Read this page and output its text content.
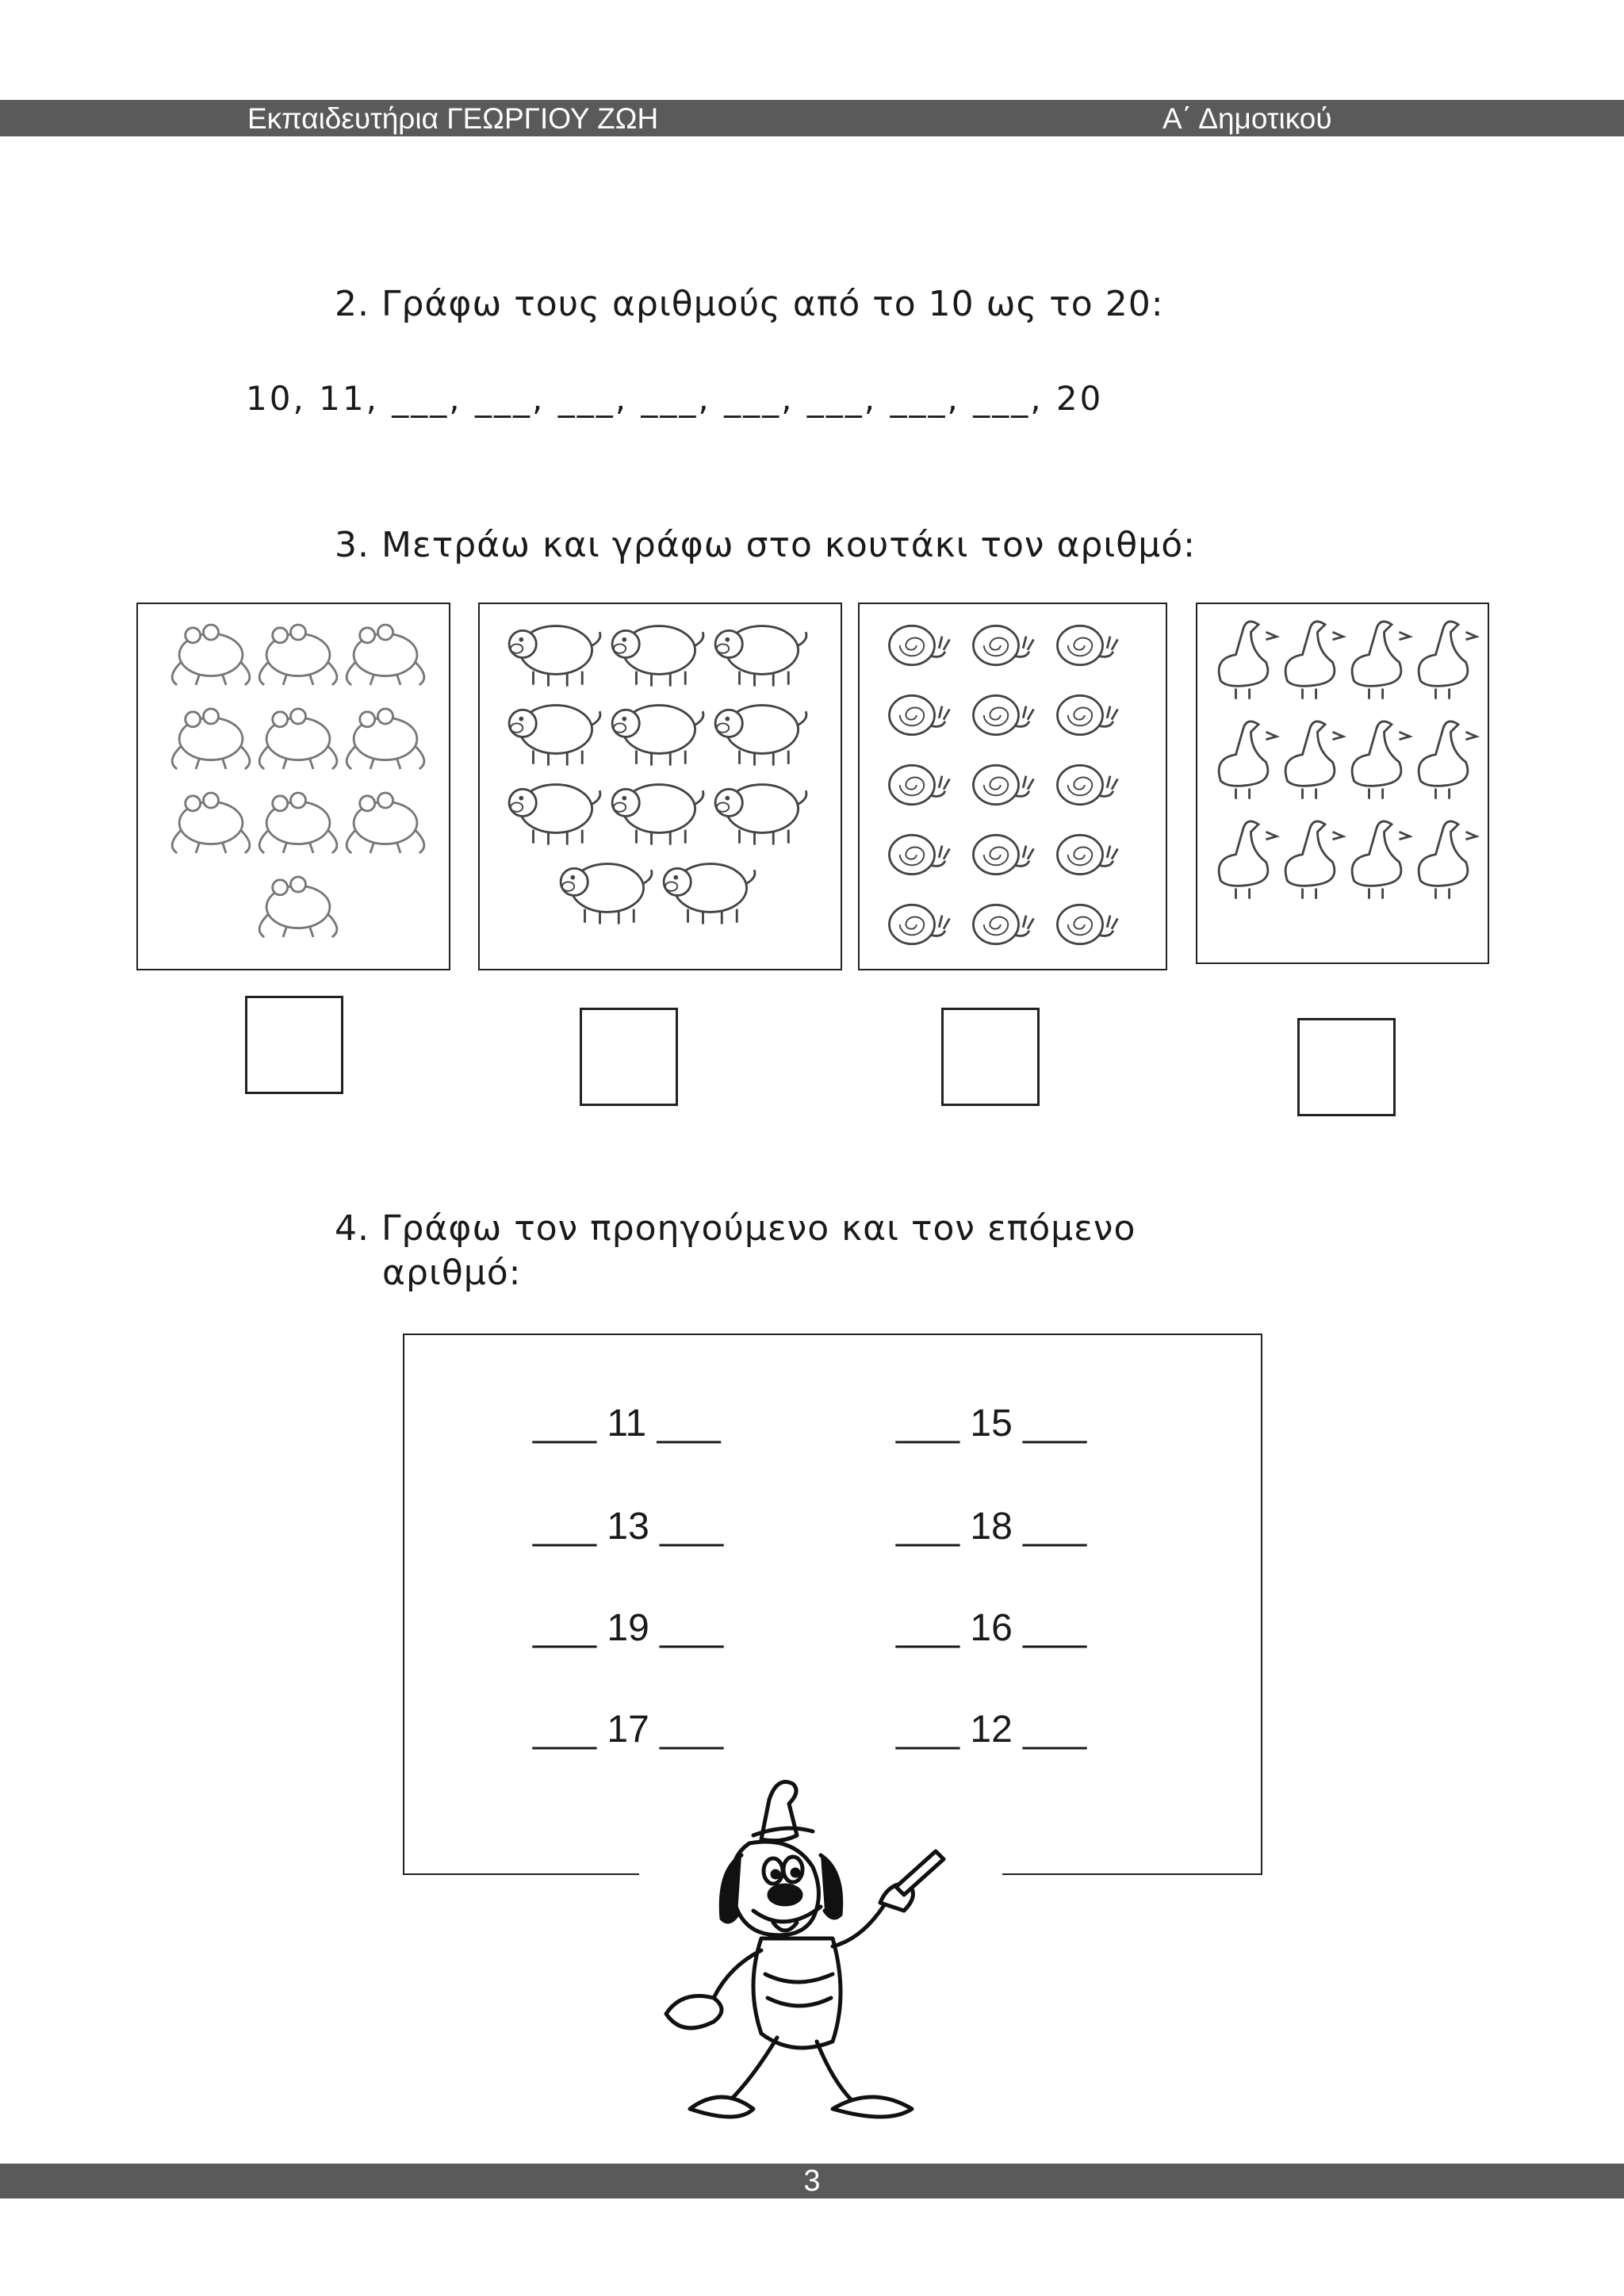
Εκπαιδευτήρια ΓΕΩΡΓΙΟΥ ΖΩΗ	Α΄ Δημοτικού
2. Γράφω τους αριθμούς από το 10 ως το 20:
10, 11, ___, ___, ___, ___, ___, ___, ___, ___, 20
3. Μετράω και γράφω στο κουτάκι τον αριθμό:
4. Γράφω τον προηγούμενο και τον επόμενο
αριθμό:
___ 11 ___	___ 15 ___
___ 13 ___	___ 18 ___
___ 19 ___	___ 16 ___
___ 17 ___	___ 12 ___
3
